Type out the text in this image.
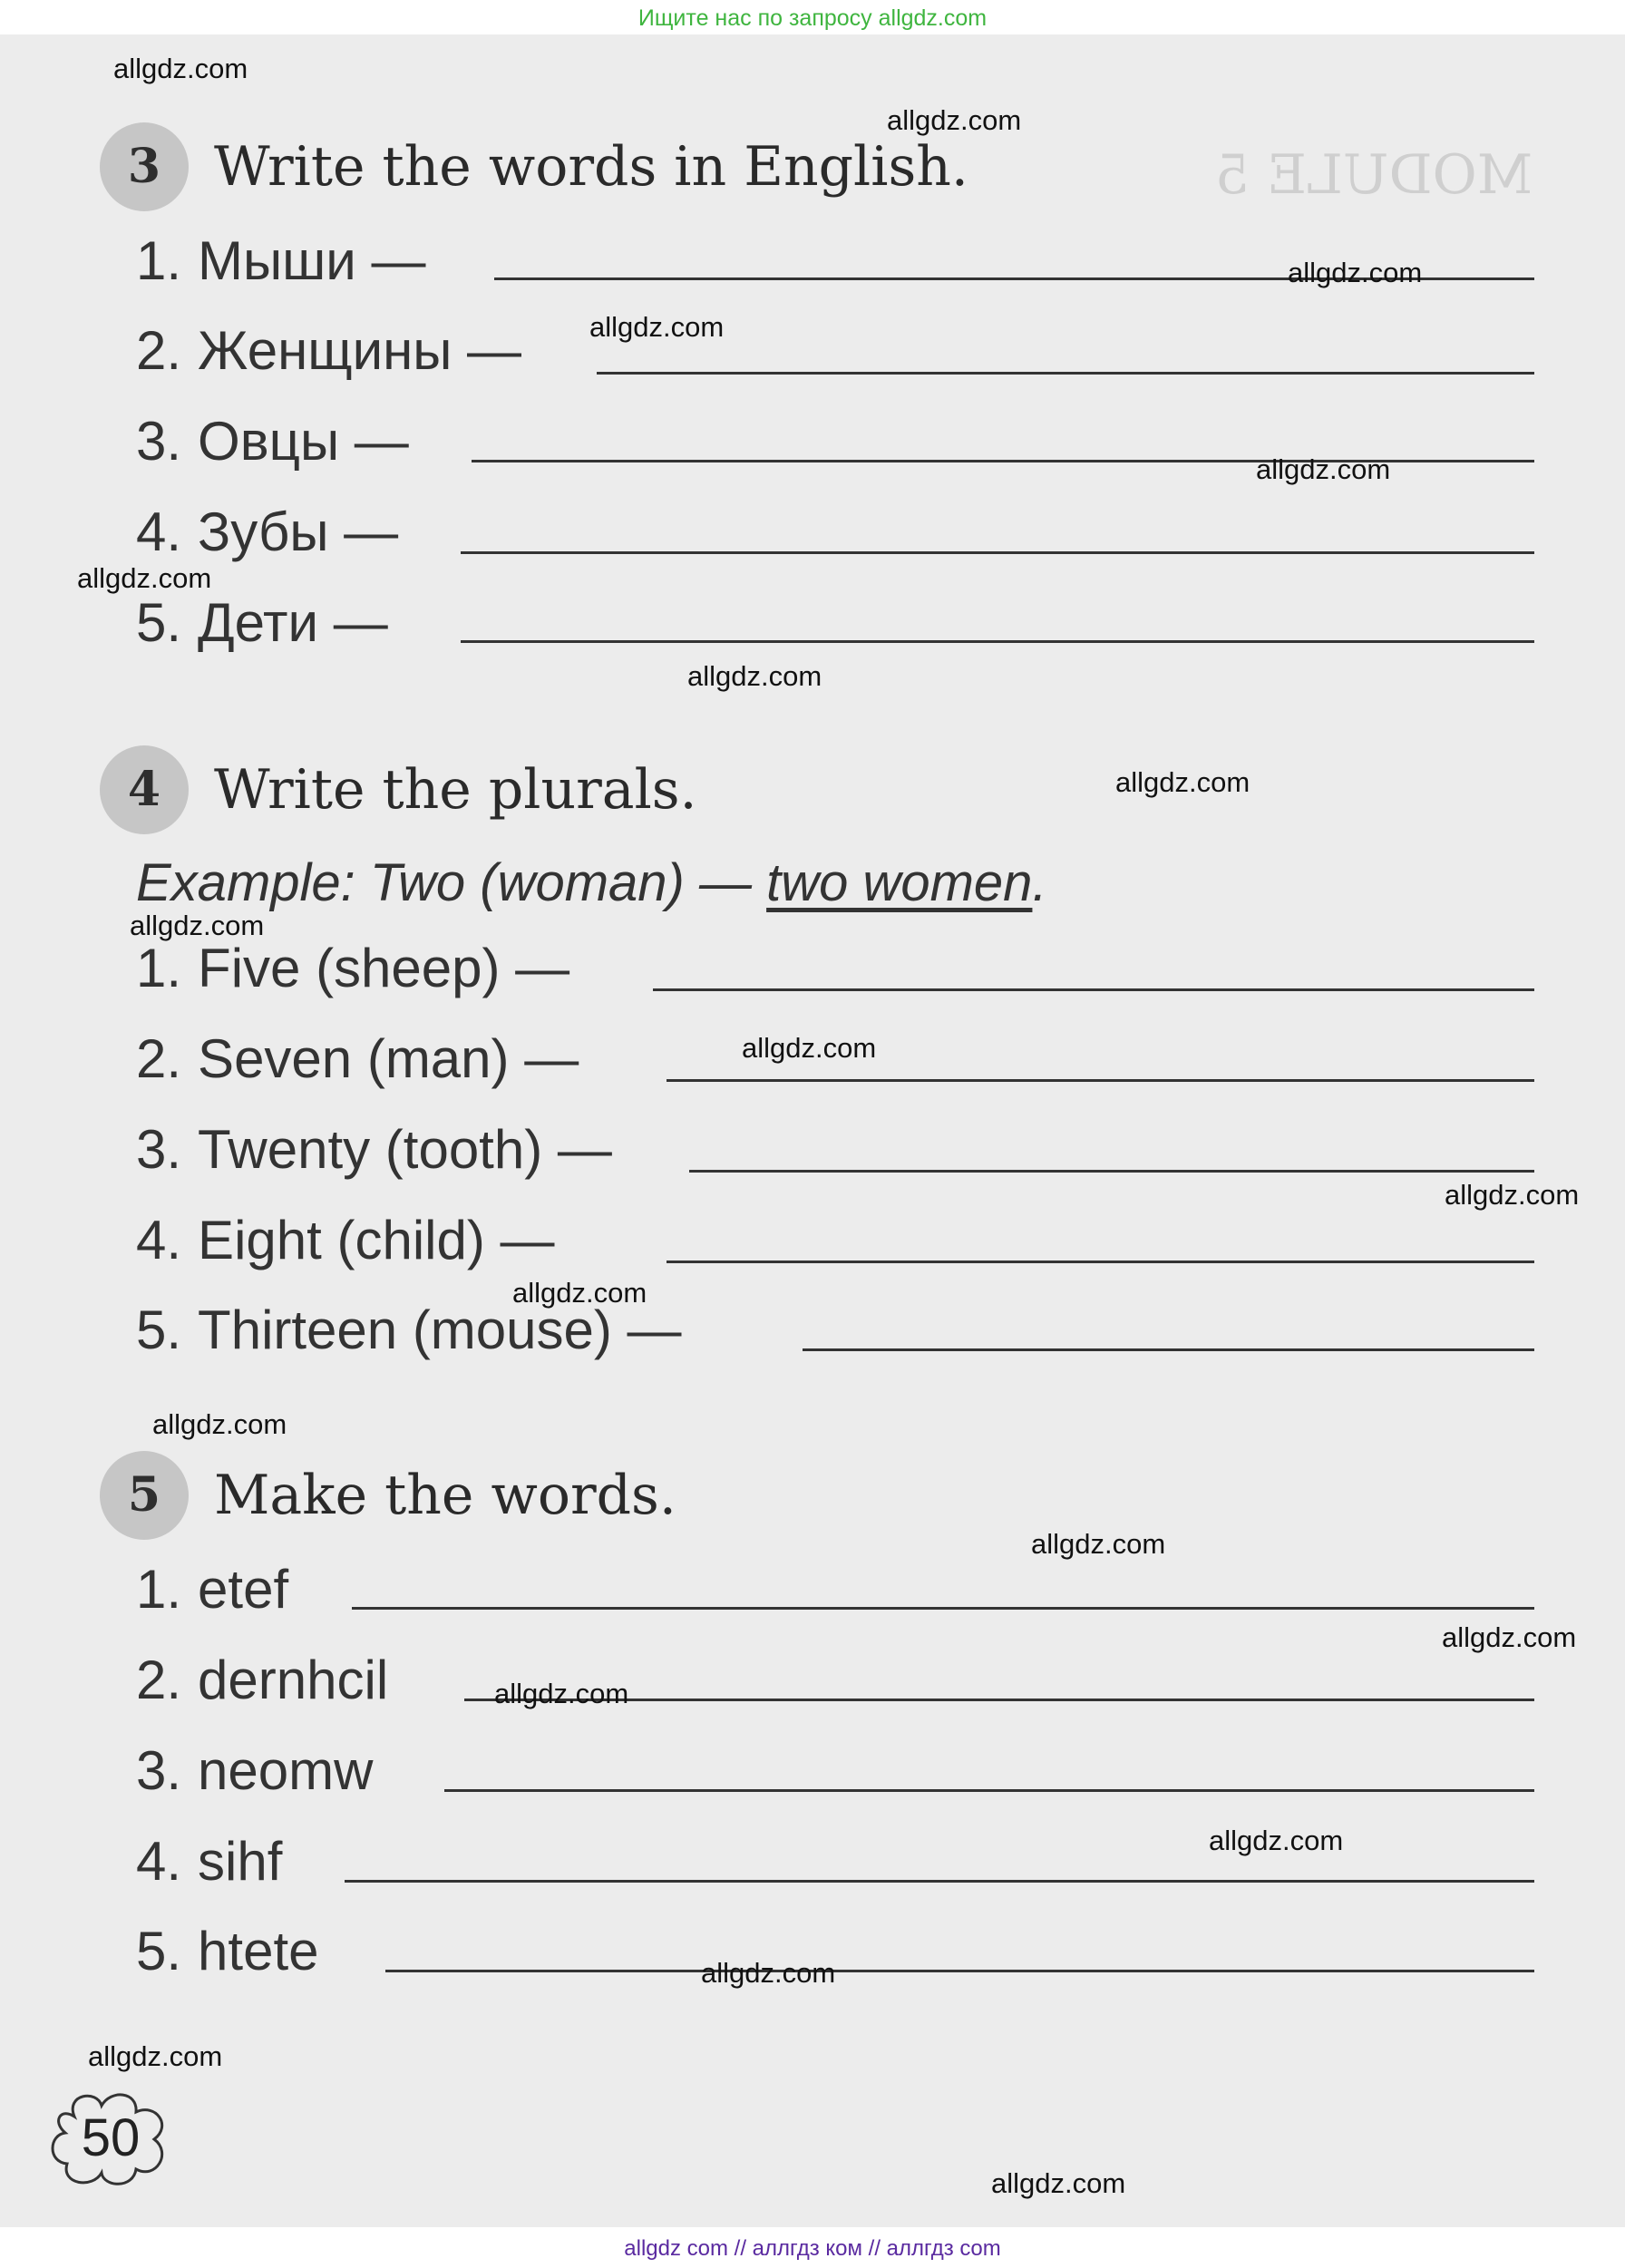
Ищите нас по запросу allgdz.com
MODULE 5
3 Write the words in English.
1. Мыши —
2. Женщины —
3. Овцы —
4. Зубы —
5. Дети —
4 Write the plurals.
Example: Two (woman) — two women.
1. Five (sheep) —
2. Seven (man) —
3. Twenty (tooth) —
4. Eight (child) —
5. Thirteen (mouse) —
5 Make the words.
1. etef
2. dernhcil
3. neomw
4. sihf
5. htete
50
allgdz.com
allgdz.com
allgdz.com
allgdz.com
allgdz.com
allgdz.com
allgdz.com
allgdz.com
allgdz.com
allgdz.com
allgdz.com
allgdz.com
allgdz.com
allgdz.com
allgdz.com
allgdz.com
allgdz.com
allgdz.com
allgdz.com
allgdz.com
allgdz com // аллгдз ком // аллгдз com
